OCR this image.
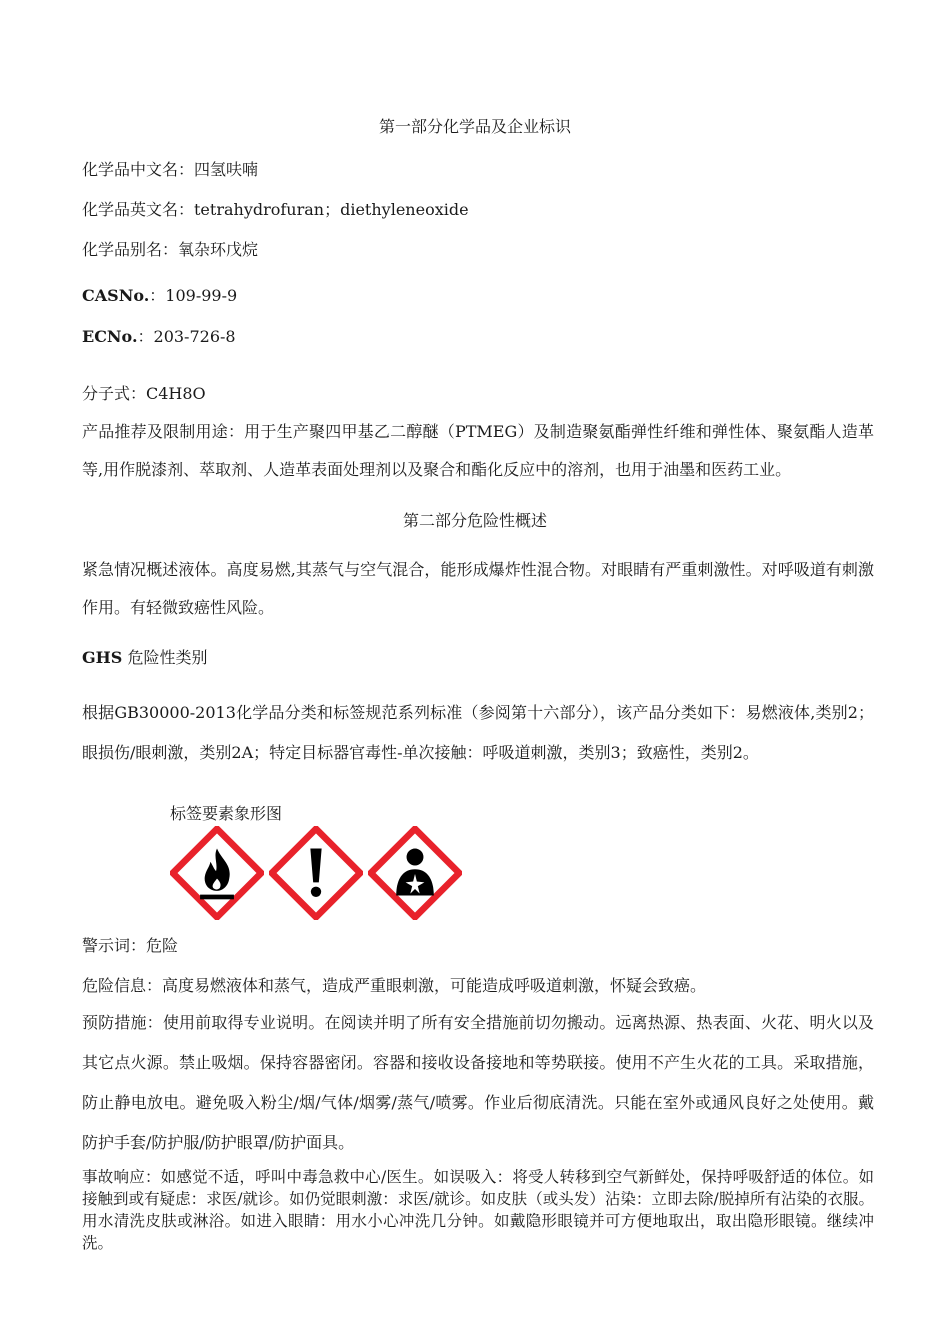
第一部分化学品及企业标识
化学品中文名：四氢呋喃
化学品英文名：tetrahydrofuran；diethyleneoxide
化学品别名：氧杂环戊烷
CASNo.：109-99-9
ECNo.：203-726-8
分子式：C4H8O
产品推荐及限制用途：用于生产聚四甲基乙二醇醚（PTMEG）及制造聚氨酯弹性纤维和弹性体、聚氨酯人造革等,用作脱漆剂、萃取剂、人造革表面处理剂以及聚合和酯化反应中的溶剂，也用于油墨和医药工业。
第二部分危险性概述
紧急情况概述液体。高度易燃,其蒸气与空气混合，能形成爆炸性混合物。对眼睛有严重刺激性。对呼吸道有刺激作用。有轻微致癌性风险。
GHS 危险性类别
根据GB30000-2013化学品分类和标签规范系列标准（参阅第十六部分），该产品分类如下：易燃液体,类别2；眼损伤/眼刺激，类别2A；特定目标器官毒性-单次接触：呼吸道刺激，类别3；致癌性，类别2。
标签要素象形图
警示词：危险
危险信息：高度易燃液体和蒸气，造成严重眼刺激，可能造成呼吸道刺激，怀疑会致癌。
预防措施：使用前取得专业说明。在阅读并明了所有安全措施前切勿搬动。远离热源、热表面、火花、明火以及其它点火源。禁止吸烟。保持容器密闭。容器和接收设备接地和等势联接。使用不产生火花的工具。采取措施，防止静电放电。避免吸入粉尘/烟/气体/烟雾/蒸气/喷雾。作业后彻底清洗。只能在室外或通风良好之处使用。戴防护手套/防护服/防护眼罩/防护面具。
事故响应：如感觉不适，呼叫中毒急救中心/医生。如误吸入：将受人转移到空气新鲜处，保持呼吸舒适的体位。如接触到或有疑虑：求医/就诊。如仍觉眼刺激：求医/就诊。如皮肤（或头发）沾染：立即去除/脱掉所有沾染的衣服。用水清洗皮肤或淋浴。如进入眼睛：用水小心冲洗几分钟。如戴隐形眼镜并可方便地取出，取出隐形眼镜。继续冲洗。
